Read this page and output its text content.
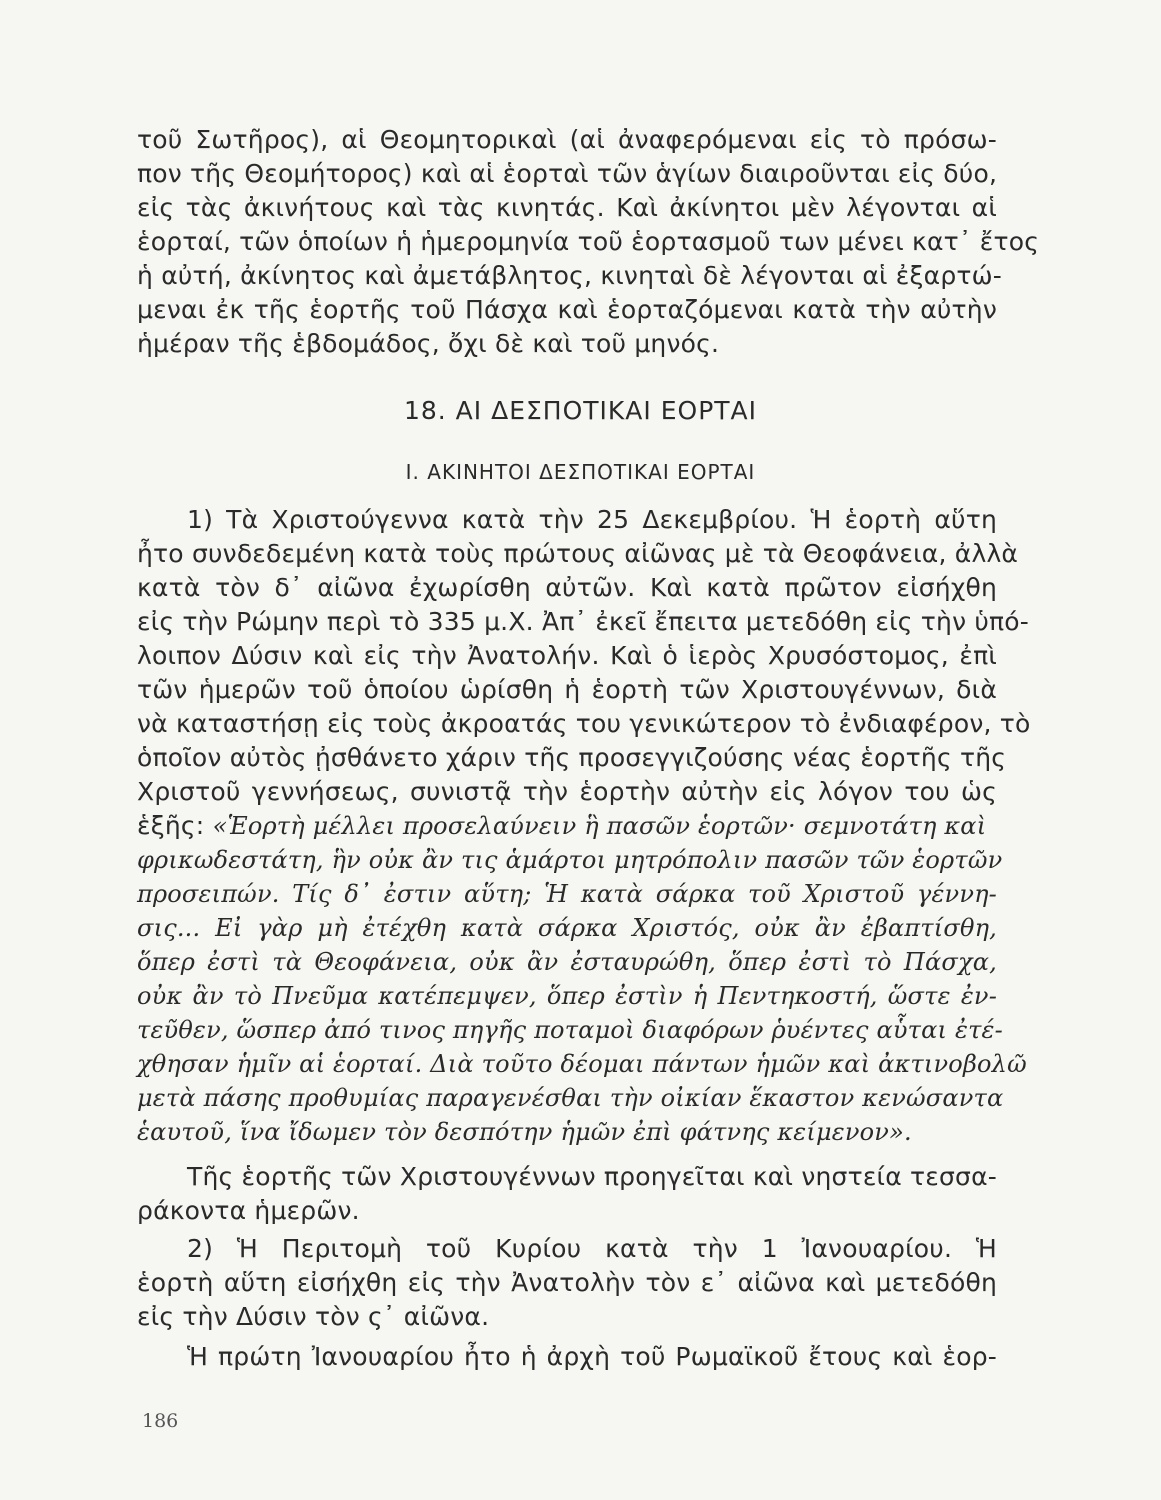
τοῦ Σωτῆρος), αἱ Θεομητορικαὶ (αἱ ἀναφερόμεναι εἰς τὸ πρόσω-
πον τῆς Θεομήτορος) καὶ αἱ ἑορταὶ τῶν ἁγίων διαιροῦνται εἰς δύο,
εἰς τὰς ἀκινήτους καὶ τὰς κινητάς. Καὶ ἀκίνητοι μὲν λέγονται αἱ
ἑορταί, τῶν ὁποίων ἡ ἡμερομηνία τοῦ ἑορτασμοῦ των μένει κατ᾿ ἔτος
ἡ αὐτή, ἀκίνητος καὶ ἀμετάβλητος, κινηταὶ δὲ λέγονται αἱ ἐξαρτώ-
μεναι ἐκ τῆς ἑορτῆς τοῦ Πάσχα καὶ ἑορταζόμεναι κατὰ τὴν αὐτὴν
ἡμέραν τῆς ἑβδομάδος, ὄχι δὲ καὶ τοῦ μηνός.
18. ΑΙ ΔΕΣΠΟΤΙΚΑΙ ΕΟΡΤΑΙ
Ι. ΑΚΙΝΗΤΟΙ ΔΕΣΠΟΤΙΚΑΙ ΕΟΡΤΑΙ
1) Τὰ Χριστούγεννα κατὰ τὴν 25 Δεκεμβρίου. Ἡ ἑορτὴ αὕτη
ἦτο συνδεδεμένη κατὰ τοὺς πρώτους αἰῶνας μὲ τὰ Θεοφάνεια, ἀλλὰ
κατὰ τὸν δ᾿ αἰῶνα ἐχωρίσθη αὐτῶν. Καὶ κατὰ πρῶτον εἰσήχθη
εἰς τὴν Ρώμην περὶ τὸ 335 μ.Χ. Ἀπ᾿ ἐκεῖ ἔπειτα μετεδόθη εἰς τὴν ὑπό-
λοιπον Δύσιν καὶ εἰς τὴν Ἀνατολήν. Καὶ ὁ ἱερὸς Χρυσόστομος, ἐπὶ
τῶν ἡμερῶν τοῦ ὁποίου ὡρίσθη ἡ ἑορτὴ τῶν Χριστουγέννων, διὰ
νὰ καταστήσῃ εἰς τοὺς ἀκροατάς του γενικώτερον τὸ ἐνδιαφέρον, τὸ
ὁποῖον αὐτὸς ᾐσθάνετο χάριν τῆς προσεγγιζούσης νέας ἑορτῆς τῆς
Χριστοῦ γεννήσεως, συνιστᾷ τὴν ἑορτὴν αὐτὴν εἰς λόγον του ὡς
ἑξῆς: «Ἑορτὴ μέλλει προσελαύνειν ἣ πασῶν ἑορτῶν· σεμνοτάτη καὶ
φρικωδεστάτη, ἣν οὐκ ἂν τις ἁμάρτοι μητρόπολιν πασῶν τῶν ἑορτῶν
προσειπών. Τίς δ᾿ ἐστιν αὕτη; Ἡ κατὰ σάρκα τοῦ Χριστοῦ γέννη-
σις... Εἰ γὰρ μὴ ἐτέχθη κατὰ σάρκα Χριστός, οὐκ ἂν ἐβαπτίσθη,
ὅπερ ἐστὶ τὰ Θεοφάνεια, οὐκ ἂν ἐσταυρώθη, ὅπερ ἐστὶ τὸ Πάσχα,
οὐκ ἂν τὸ Πνεῦμα κατέπεμψεν, ὅπερ ἐστὶν ἡ Πεντηκοστή, ὥστε ἐν-
τεῦθεν, ὥσπερ ἀπό τινος πηγῆς ποταμοὶ διαφόρων ῥυέντες αὗται ἐτέ-
χθησαν ἡμῖν αἱ ἑορταί. Διὰ τοῦτο δέομαι πάντων ἡμῶν καὶ ἀκτινοβολῶ
μετὰ πάσης προθυμίας παραγενέσθαι τὴν οἰκίαν ἕκαστον κενώσαντα
ἑαυτοῦ, ἵνα ἴδωμεν τὸν δεσπότην ἡμῶν ἐπὶ φάτνης κείμενον».
Τῆς ἑορτῆς τῶν Χριστουγέννων προηγεῖται καὶ νηστεία τεσσα-
ράκοντα ἡμερῶν.
2) Ἡ Περιτομὴ τοῦ Κυρίου κατὰ τὴν 1 Ἰανουαρίου. Ἡ
ἑορτὴ αὕτη εἰσήχθη εἰς τὴν Ἀνατολὴν τὸν ε᾿ αἰῶνα καὶ μετεδόθη
εἰς τὴν Δύσιν τὸν ς᾿ αἰῶνα.
Ἡ πρώτη Ἰανουαρίου ἦτο ἡ ἀρχὴ τοῦ Ρωμαϊκοῦ ἔτους καὶ ἑορ-
186
